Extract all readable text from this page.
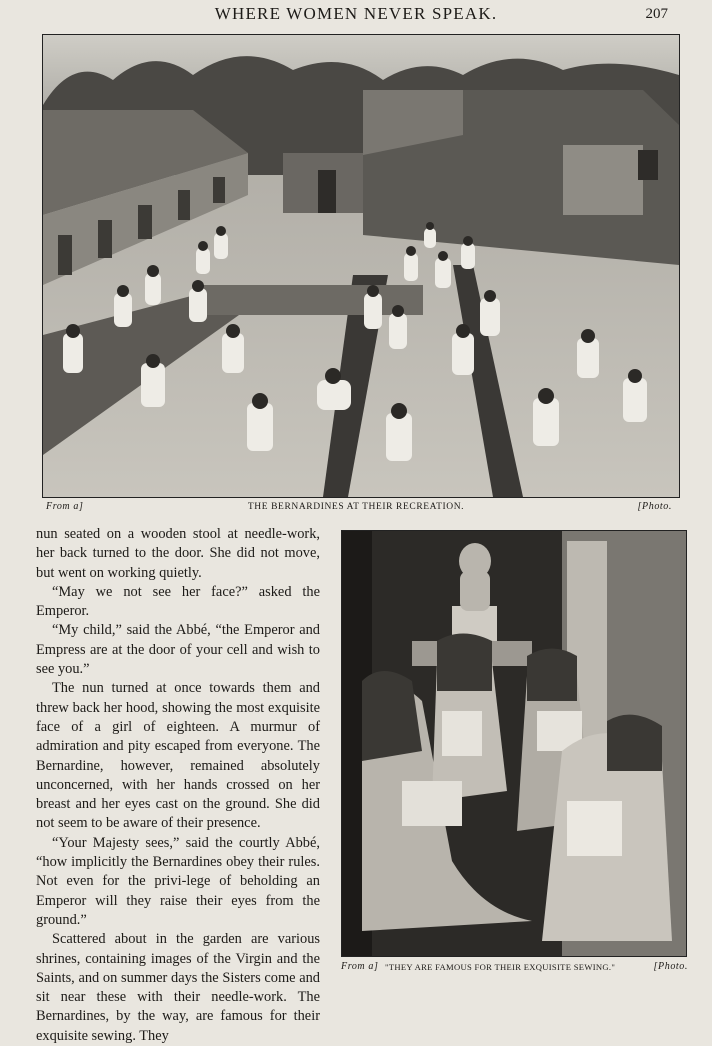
WHERE WOMEN NEVER SPEAK.	207
From a]	THE BERNARDINES AT THEIR RECREATION.	[Photo.

nun seated on a wooden stool at needle-work, her back turned to the door. She did not move, but went on working quietly.

“May we not see her face?” asked the Emperor.

“My child,” said the Abbé, “the Emperor and Empress are at the door of your cell and wish to see you.”

The nun turned at once towards them and threw back her hood, showing the most exquisite face of a girl of eighteen. A murmur of admiration and pity escaped from everyone. The Bernardine, however, remained absolutely unconcerned, with her hands crossed on her breast and her eyes cast on the ground. She did not seem to be aware of their presence.

“Your Majesty sees,” said the courtly Abbé, “how implicitly the Bernardines obey their rules. Not even for the privi-lege of beholding an Emperor will they raise their eyes from the ground.”

Scattered about in the garden are various shrines, containing images of the Virgin and the Saints, and on summer days the Sisters come and sit near these with their needle-work. The Bernardines, by the way, are famous for their exquisite sewing. They

From a] "THEY ARE FAMOUS FOR THEIR EXQUISITE SEWING."	[Photo.
